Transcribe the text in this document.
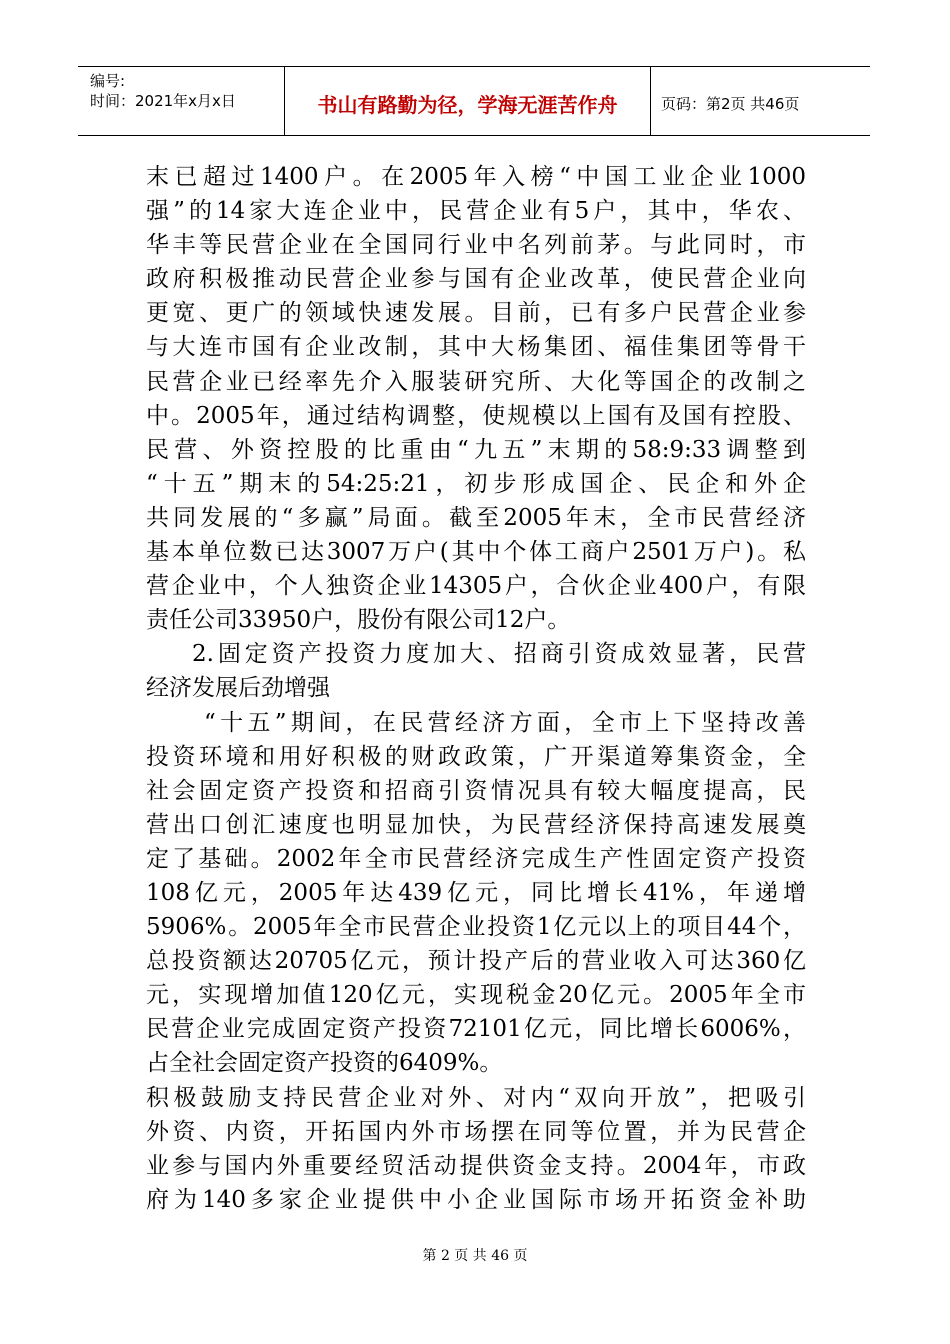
编号:
时间：2021年x月x日	书山有路勤为径，学海无涯苦作舟	页码：第2页 共46页
末已超过1400户。在2005年入榜“中国工业企业1000
强”的14家大连企业中，民营企业有5户，其中，华农、
华丰等民营企业在全国同行业中名列前茅。与此同时，市
政府积极推动民营企业参与国有企业改革，使民营企业向
更宽、更广的领域快速发展。目前，已有多户民营企业参
与大连市国有企业改制，其中大杨集团、福佳集团等骨干
民营企业已经率先介入服装研究所、大化等国企的改制之
中。2005年，通过结构调整，使规模以上国有及国有控股、
民营、外资控股的比重由“九五”末期的58:9:33调整到
“十五”期末的54:25:21，初步形成国企、民企和外企
共同发展的“多赢”局面。截至2005年末，全市民营经济
基本单位数已达3007万户(其中个体工商户2501万户)。私
营企业中，个人独资企业14305户，合伙企业400户，有限
责任公司33950户，股份有限公司12户。
2.固定资产投资力度加大、招商引资成效显著，民营
经济发展后劲增强
“十五”期间，在民营经济方面，全市上下坚持改善
投资环境和用好积极的财政政策，广开渠道筹集资金，全
社会固定资产投资和招商引资情况具有较大幅度提高，民
营出口创汇速度也明显加快，为民营经济保持高速发展奠
定了基础。2002年全市民营经济完成生产性固定资产投资
108亿元，2005年达439亿元，同比增长41%，年递增
5906%。2005年全市民营企业投资1亿元以上的项目44个，
总投资额达20705亿元，预计投产后的营业收入可达360亿
元，实现增加值120亿元，实现税金20亿元。2005年全市
民营企业完成固定资产投资72101亿元，同比增长6006%，
占全社会固定资产投资的6409%。
积极鼓励支持民营企业对外、对内“双向开放”，把吸引
外资、内资，开拓国内外市场摆在同等位置，并为民营企
业参与国内外重要经贸活动提供资金支持。2004年，市政
府为140多家企业提供中小企业国际市场开拓资金补助
第 2 页 共 46 页
